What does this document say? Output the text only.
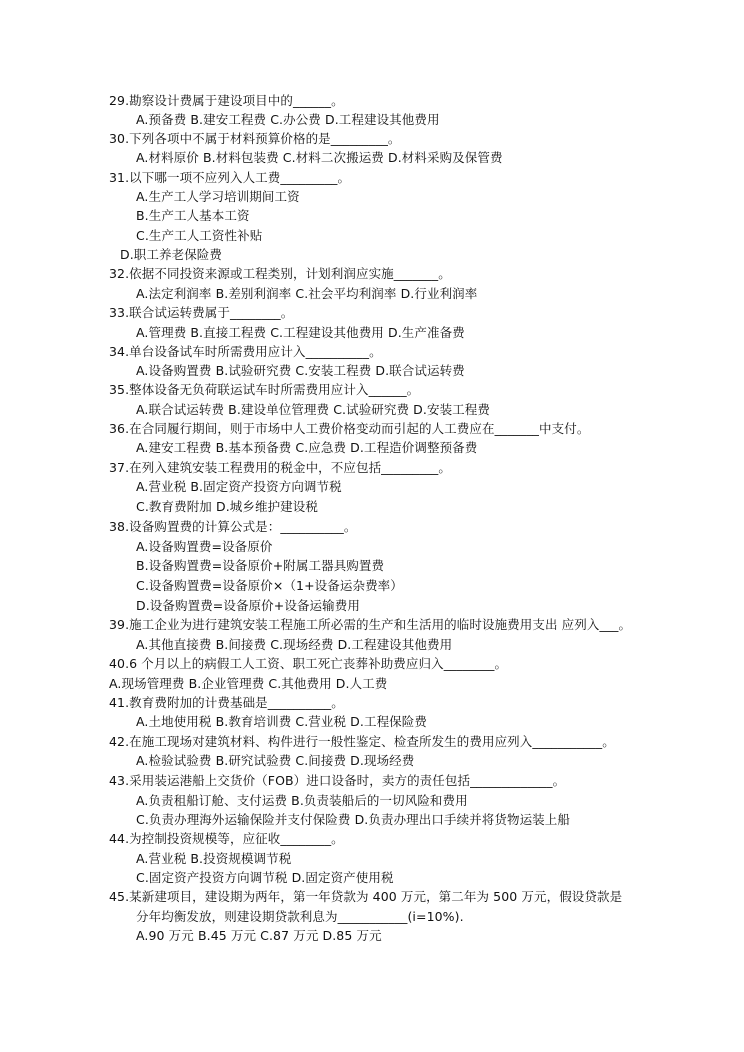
29.勘察设计费属于建设项目中的______。
A.预备费 B.建安工程费 C.办公费 D.工程建设其他费用
30.下列各项中不属于材料预算价格的是_________。
A.材料原价 B.材料包装费 C.材料二次搬运费 D.材料采购及保管费
31.以下哪一项不应列入人工费_________。
A.生产工人学习培训期间工资
B.生产工人基本工资
C.生产工人工资性补贴
D.职工养老保险费
32.依据不同投资来源或工程类别，计划利润应实施_______。
A.法定利润率 B.差别利润率 C.社会平均利润率 D.行业利润率
33.联合试运转费属于________。
A.管理费 B.直接工程费 C.工程建设其他费用 D.生产准备费
34.单台设备试车时所需费用应计入__________。
A.设备购置费 B.试验研究费 C.安装工程费 D.联合试运转费
35.整体设备无负荷联运试车时所需费用应计入______。
A.联合试运转费 B.建设单位管理费 C.试验研究费 D.安装工程费
36.在合同履行期间，则于市场中人工费价格变动而引起的人工费应在_______中支付。
A.建安工程费 B.基本预备费 C.应急费 D.工程造价调整预备费
37.在列入建筑安装工程费用的税金中，不应包括_________。
A.营业税 B.固定资产投资方向调节税
C.教育费附加 D.城乡维护建设税
38.设备购置费的计算公式是：__________。
A.设备购置费=设备原价
B.设备购置费=设备原价+附属工器具购置费
C.设备购置费=设备原价×（1+设备运杂费率）
D.设备购置费=设备原价+设备运输费用
39.施工企业为进行建筑安装工程施工所必需的生产和生活用的临时设施费用支出 应列入___。
A.其他直接费 B.间接费 C.现场经费 D.工程建设其他费用
40.6 个月以上的病假工人工资、职工死亡丧葬补助费应归入________。
A.现场管理费 B.企业管理费 C.其他费用 D.人工费
41.教育费附加的计费基础是__________。
A.土地使用税 B.教育培训费 C.营业税 D.工程保险费
42.在施工现场对建筑材料、构件进行一般性鉴定、检查所发生的费用应列入___________。
A.检验试验费 B.研究试验费 C.间接费 D.现场经费
43.采用装运港船上交货价（FOB）进口设备时，卖方的责任包括_____________。
A.负责租船订舱、支付运费 B.负责装船后的一切风险和费用
C.负责办理海外运输保险并支付保险费 D.负责办理出口手续并将货物运装上船
44.为控制投资规模等，应征收________。
A.营业税 B.投资规模调节税
C.固定资产投资方向调节税 D.固定资产使用税
45.某新建项目，建设期为两年，第一年贷款为 400 万元，第二年为 500 万元，假设贷款是
分年均衡发放，则建设期贷款利息为___________(i=10%).
A.90 万元 B.45 万元 C.87 万元 D.85 万元
